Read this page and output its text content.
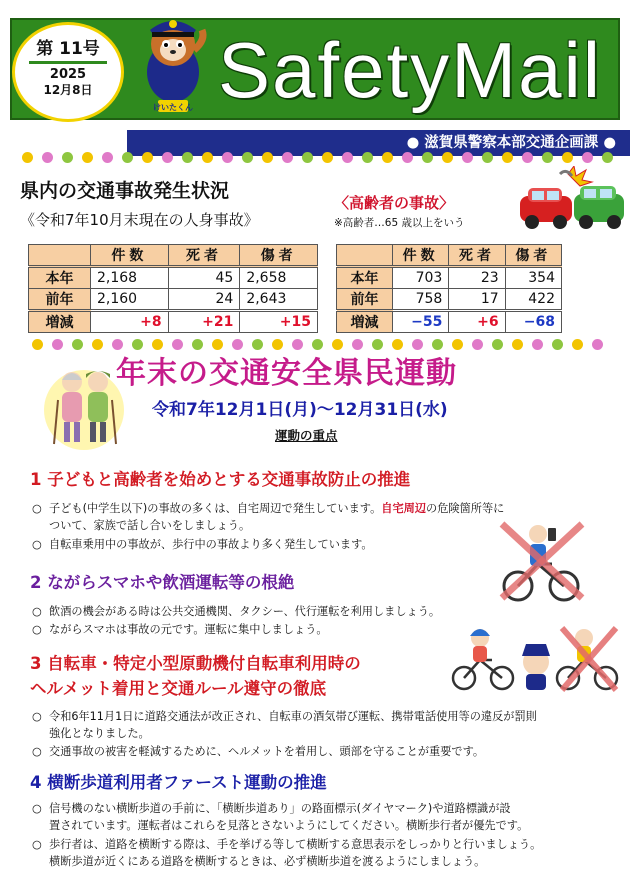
第 11号
2025
12月8日
けいたくん SafetyMail
● 滋賀県警察本部交通企画課 ●
県内の交通事故発生状況
《令和7年10月末現在の人身事故》
	件数	死者	傷者
本年	2,168	45	2,658
前年	2,160	24	2,643
増減	+8	+21	+15
〈高齢者の事故〉
※高齢者…65 歳以上をいう
	件数	死者	傷者
本年	703	23	354
前年	758	17	422
増減	−55	+6	−68
年末の交通安全県民運動
令和7年12月1日(月)～12月31日(水)
運動の重点
1 子どもと高齢者を始めとする交通事故防止の推進
○ 子ども(中学生以下)の事故の多くは、自宅周辺で発生しています。自宅周辺の危険箇所等に
ついて、家族で話し合いをしましょう。
○ 自転車乗用中の事故が、歩行中の事故より多く発生しています。
2 ながらスマホや飲酒運転等の根絶
○ 飲酒の機会がある時は公共交通機関、タクシー、代行運転を利用しましょう。
○ ながらスマホは事故の元です。運転に集中しましょう。
3 自転車・特定小型原動機付自転車利用時の
ヘルメット着用と交通ルール遵守の徹底
○ 令和6年11月1日に道路交通法が改正され、自転車の酒気帯び運転、携帯電話使用等の違反が罰則
強化となりました。
○ 交通事故の被害を軽減するために、ヘルメットを着用し、頭部を守ることが重要です。
4 横断歩道利用者ファースト運動の推進
○ 信号機のない横断歩道の手前に、「横断歩道あり」の路面標示(ダイヤマーク)や道路標識が設
置されています。運転者はこれらを見落とさないようにしてください。横断歩行者が優先です。
○ 歩行者は、道路を横断する際は、手を挙げる等して横断する意思表示をしっかりと行いましょう。
横断歩道が近くにある道路を横断するときは、必ず横断歩道を渡るようにしましょう。
